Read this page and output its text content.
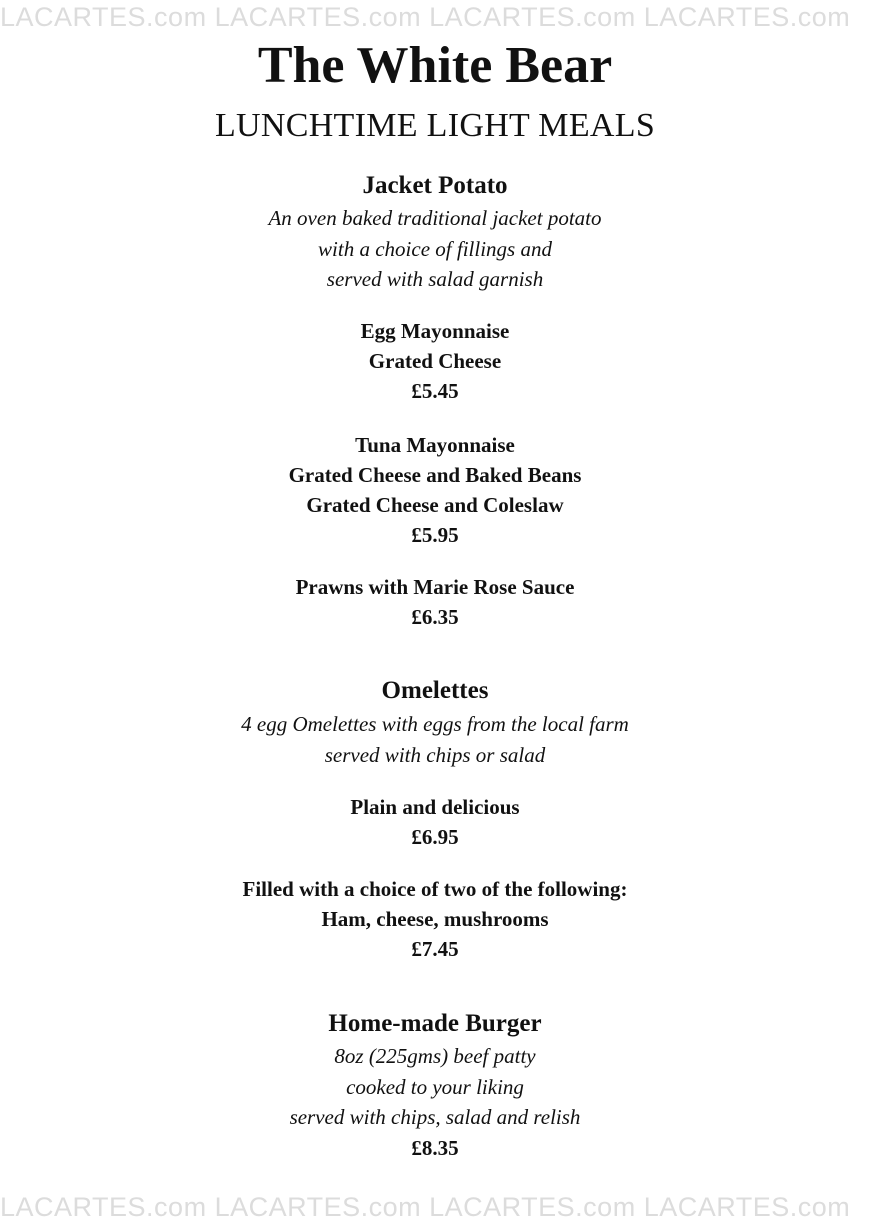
LACARTES.com LACARTES.com LACARTES.com LACARTES.com
The White Bear
LUNCHTIME LIGHT MEALS
Jacket Potato
An oven baked traditional jacket potato
with a choice of fillings and
served with salad garnish
Egg Mayonnaise
Grated Cheese
£5.45
Tuna Mayonnaise
Grated Cheese and Baked Beans
Grated Cheese and Coleslaw
£5.95
Prawns with Marie Rose Sauce
£6.35
Omelettes
4 egg Omelettes with eggs from the local farm
served with chips or salad
Plain and delicious
£6.95
Filled with a choice of two of the following:
Ham, cheese, mushrooms
£7.45
Home-made Burger
8oz (225gms) beef patty
cooked to your liking
served with chips, salad and relish
£8.35
LACARTES.com LACARTES.com LACARTES.com LACARTES.com
